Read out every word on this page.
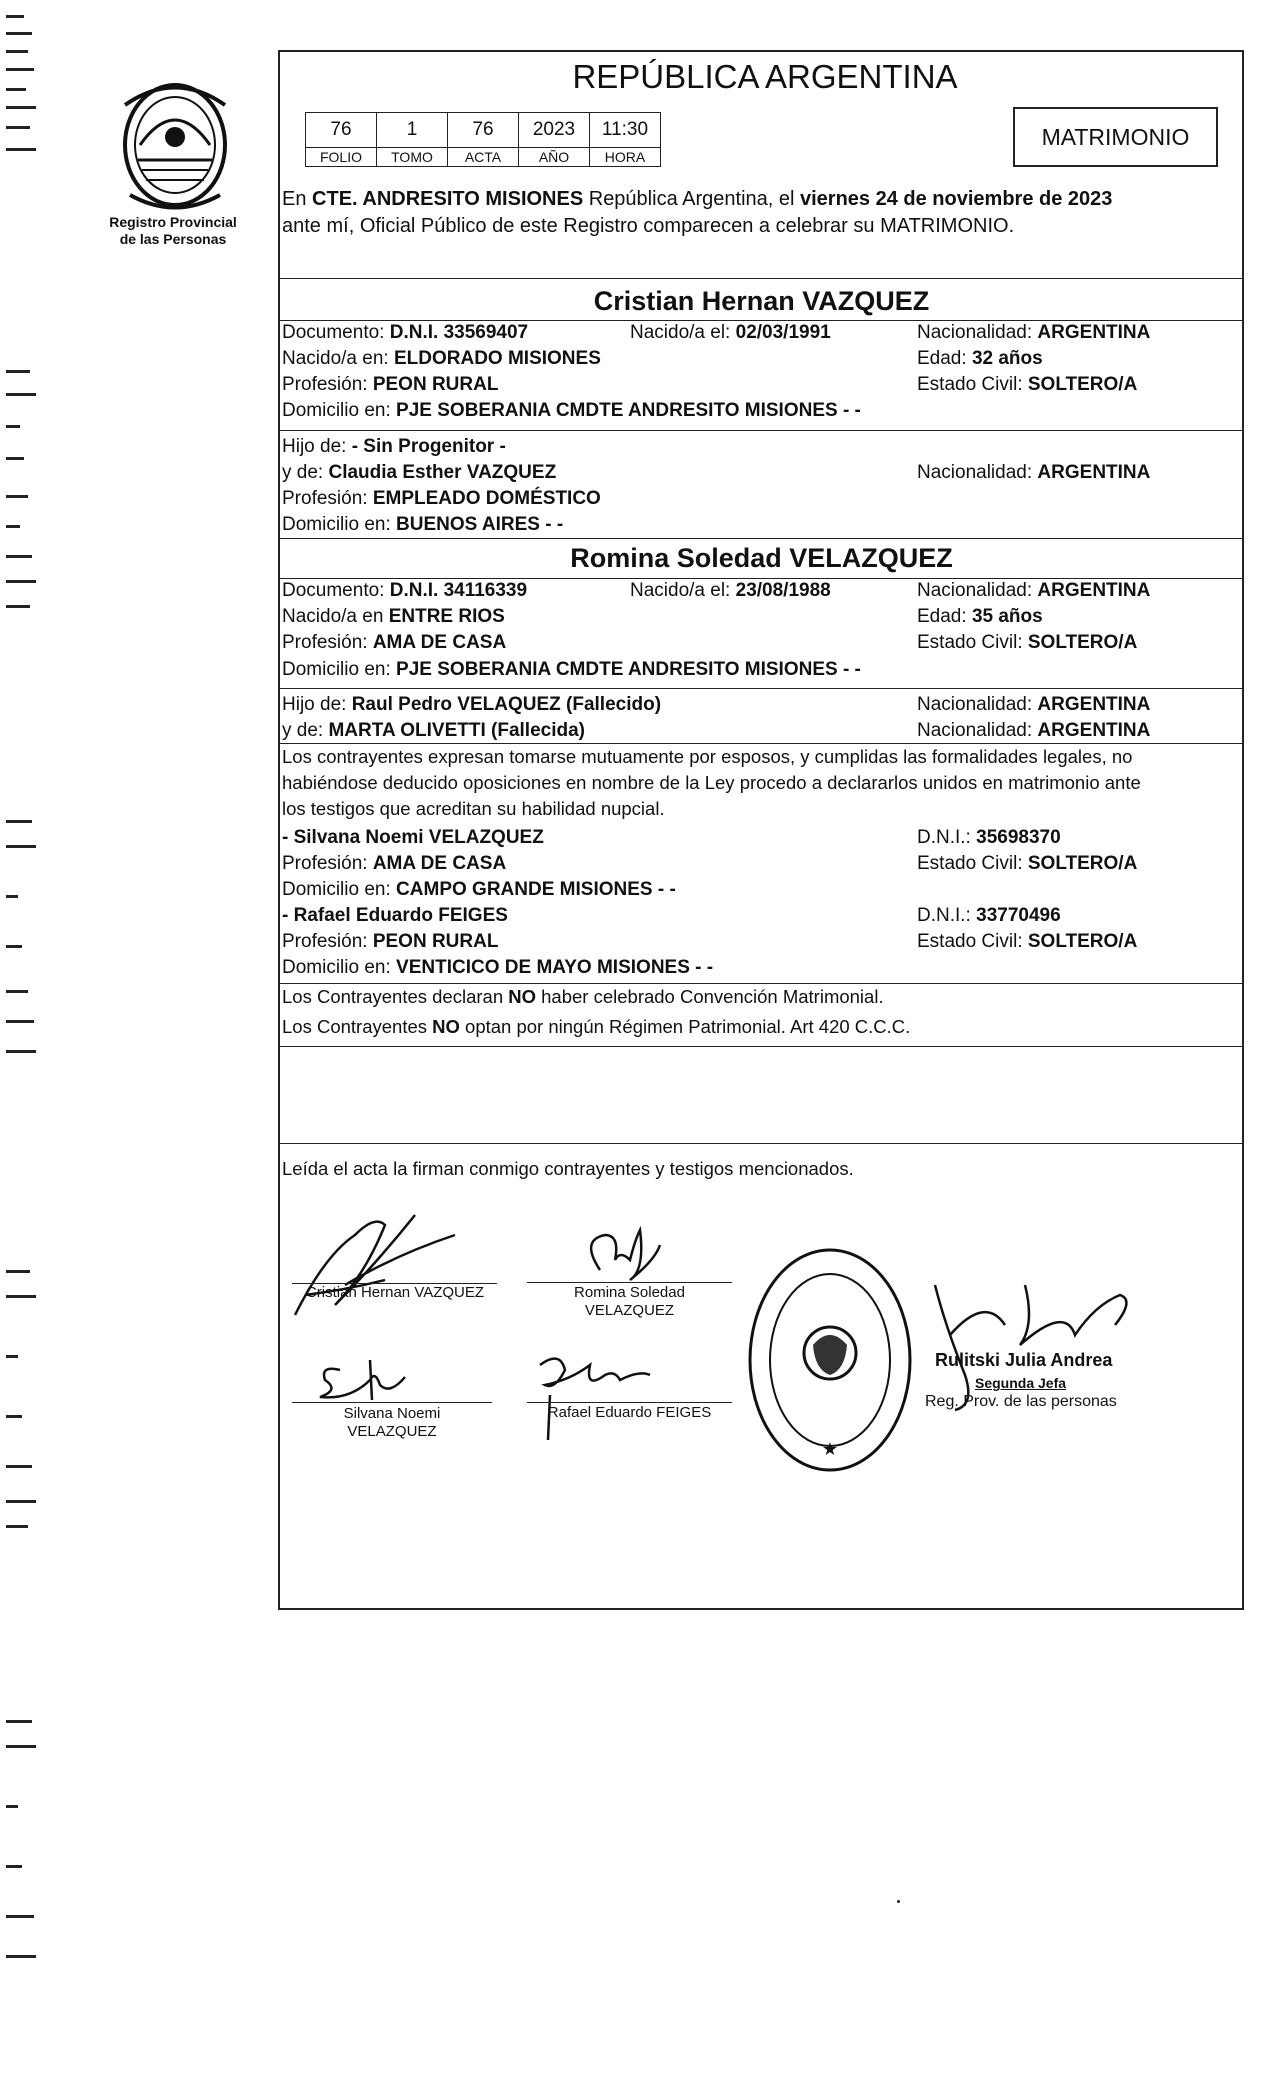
Registro Provincial
de las Personas
REPÚBLICA ARGENTINA
76	1	76	2023	11:30
FOLIO	TOMO	ACTA	AÑO	HORA
MATRIMONIO
En CTE. ANDRESITO MISIONES República Argentina, el viernes 24 de noviembre de 2023
ante mí, Oficial Público de este Registro comparecen a celebrar su MATRIMONIO.
Cristian Hernan VAZQUEZ
Documento: D.N.I. 33569407	Nacido/a el: 02/03/1991	Nacionalidad: ARGENTINA
Nacido/a en: ELDORADO MISIONES	Edad: 32 años
Profesión: PEON RURAL	Estado Civil: SOLTERO/A
Domicilio en: PJE SOBERANIA CMDTE ANDRESITO MISIONES - -
Hijo de: - Sin Progenitor -
y de: Claudia Esther VAZQUEZ	Nacionalidad: ARGENTINA
Profesión: EMPLEADO DOMÉSTICO
Domicilio en: BUENOS AIRES - -
Romina Soledad VELAZQUEZ
Documento: D.N.I. 34116339	Nacido/a el: 23/08/1988	Nacionalidad: ARGENTINA
Nacido/a en ENTRE RIOS	Edad: 35 años
Profesión: AMA DE CASA	Estado Civil: SOLTERO/A
Domicilio en: PJE SOBERANIA CMDTE ANDRESITO MISIONES - -
Hijo de: Raul Pedro VELAQUEZ (Fallecido)	Nacionalidad: ARGENTINA
y de: MARTA OLIVETTI (Fallecida)	Nacionalidad: ARGENTINA
Los contrayentes expresan tomarse mutuamente por esposos, y cumplidas las formalidades legales, no
habiéndose deducido oposiciones en nombre de la Ley procedo a declararlos unidos en matrimonio ante
los testigos que acreditan su habilidad nupcial.
- Silvana Noemi VELAZQUEZ	D.N.I.: 35698370
Profesión: AMA DE CASA	Estado Civil: SOLTERO/A
Domicilio en: CAMPO GRANDE MISIONES - -
- Rafael Eduardo FEIGES	D.N.I.: 33770496
Profesión: PEON RURAL	Estado Civil: SOLTERO/A
Domicilio en: VENTICICO DE MAYO MISIONES - -
Los Contrayentes declaran NO haber celebrado Convención Matrimonial.
Los Contrayentes NO optan por ningún Régimen Patrimonial. Art 420 C.C.C.
Leída el acta la firman conmigo contrayentes y testigos mencionados.
Cristian Hernan VAZQUEZ	Romina Soledad
VELAZQUEZ
Silvana Noemi
VELAZQUEZ
Rafael Eduardo FEIGES
★
Rulitski Julia Andrea
Segunda Jefa
Reg. Prov. de las personas
